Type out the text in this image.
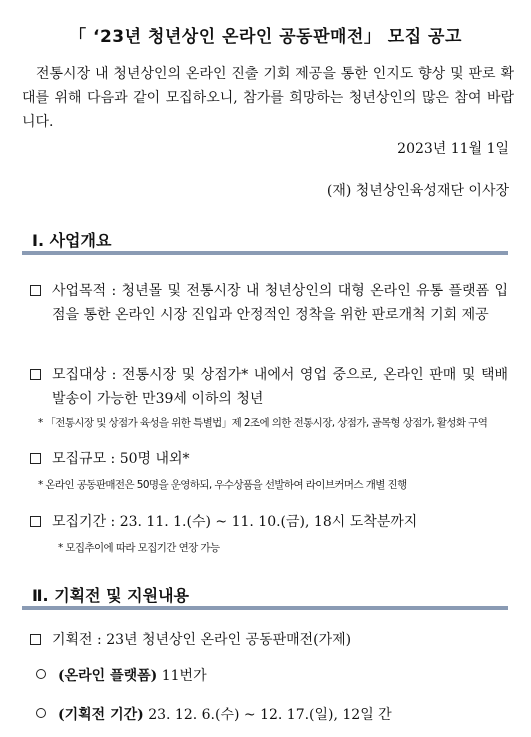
「 ‘23년 청년상인 온라인 공동판매전」 모집 공고
전통시장 내 청년상인의 온라인 진출 기회 제공을 통한 인지도 향상 및 판로 확대를 위해 다음과 같이 모집하오니, 참가를 희망하는 청년상인의 많은 참여 바랍니다.
2023년 11월 1일
(재) 청년상인육성재단 이사장
Ⅰ. 사업개요
사업목적 : 청년몰 및 전통시장 내 청년상인의 대형 온라인 유통 플랫폼 입점을 통한 온라인 시장 진입과 안정적인 정착을 위한 판로개척 기회 제공
모집대상 : 전통시장 및 상점가* 내에서 영업 중으로, 온라인 판매 및 택배 발송이 가능한 만39세 이하의 청년
* 「전통시장 및 상점가 육성을 위한 특별법」제 2조에 의한 전통시장, 상점가, 골목형 상점가, 활성화 구역
모집규모 : 50명 내외*
* 온라인 공동판매전은 50명을 운영하되, 우수상품을 선발하여 라이브커머스 개별 진행
모집기간 : 23. 11. 1.(수) ~ 11. 10.(금), 18시 도착분까지
* 모집추이에 따라 모집기간 연장 가능
Ⅱ. 기획전 및 지원내용
기획전 : 23년 청년상인 온라인 공동판매전(가제)
(온라인 플랫폼) 11번가
(기획전 기간) 23. 12. 6.(수) ~ 12. 17.(일), 12일 간
